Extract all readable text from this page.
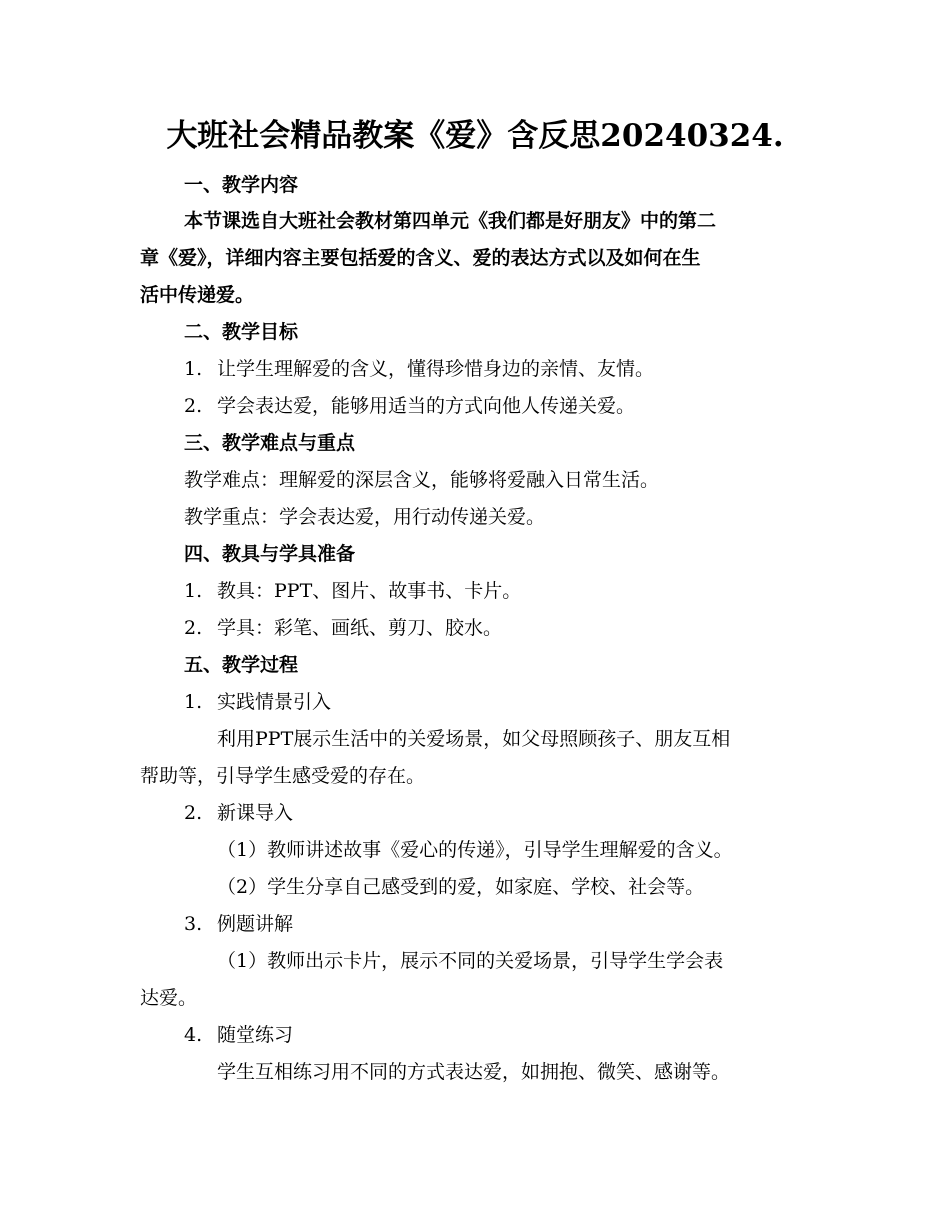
大班社会精品教案《爱》含反思20240324.
一、教学内容
本节课选自大班社会教材第四单元《我们都是好朋友》中的第二
章《爱》，详细内容主要包括爱的含义、爱的表达方式以及如何在生
活中传递爱。
二、教学目标
1. 让学生理解爱的含义，懂得珍惜身边的亲情、友情。
2. 学会表达爱，能够用适当的方式向他人传递关爱。
三、教学难点与重点
教学难点：理解爱的深层含义，能够将爱融入日常生活。
教学重点：学会表达爱，用行动传递关爱。
四、教具与学具准备
1. 教具：PPT、图片、故事书、卡片。
2. 学具：彩笔、画纸、剪刀、胶水。
五、教学过程
1. 实践情景引入
利用PPT展示生活中的关爱场景，如父母照顾孩子、朋友互相
帮助等，引导学生感受爱的存在。
2. 新课导入
（1）教师讲述故事《爱心的传递》，引导学生理解爱的含义。
（2）学生分享自己感受到的爱，如家庭、学校、社会等。
3. 例题讲解
（1）教师出示卡片，展示不同的关爱场景，引导学生学会表
达爱。
4. 随堂练习
学生互相练习用不同的方式表达爱，如拥抱、微笑、感谢等。
